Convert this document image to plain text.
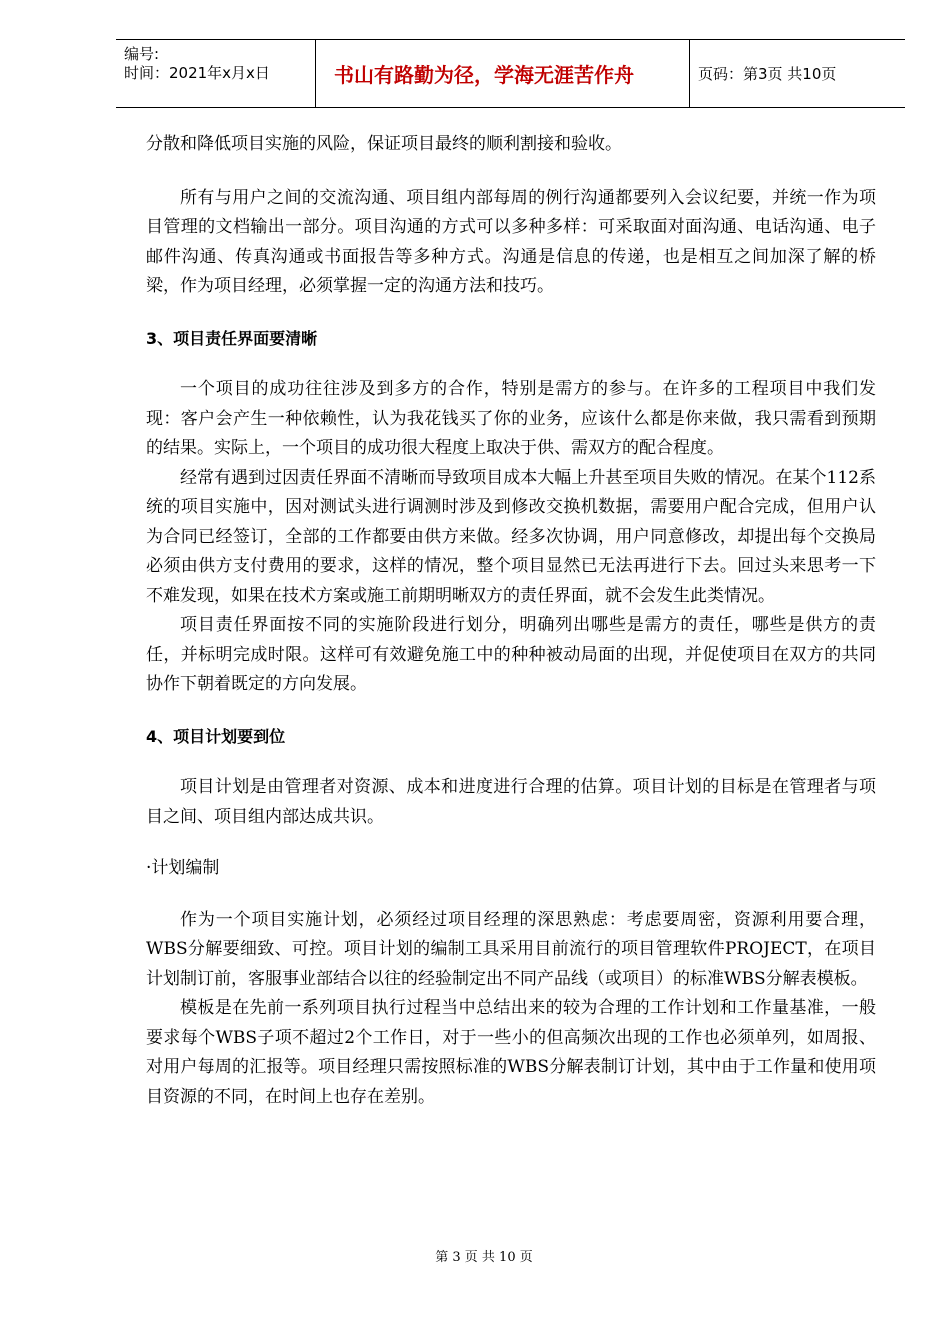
编号:
时间：2021年x月x日	书山有路勤为径，学海无涯苦作舟	页码：第3页 共10页

分散和降低项目实施的风险，保证项目最终的顺利割接和验收。

所有与用户之间的交流沟通、项目组内部每周的例行沟通都要列入会议纪要，并统一作为项目管理的文档输出一部分。项目沟通的方式可以多种多样：可采取面对面沟通、电话沟通、电子邮件沟通、传真沟通或书面报告等多种方式。沟通是信息的传递，也是相互之间加深了解的桥梁，作为项目经理，必须掌握一定的沟通方法和技巧。

3、项目责任界面要清晰

一个项目的成功往往涉及到多方的合作，特别是需方的参与。在许多的工程项目中我们发现：客户会产生一种依赖性，认为我花钱买了你的业务，应该什么都是你来做，我只需看到预期的结果。实际上，一个项目的成功很大程度上取决于供、需双方的配合程度。

经常有遇到过因责任界面不清晰而导致项目成本大幅上升甚至项目失败的情况。在某个112系统的项目实施中，因对测试头进行调测时涉及到修改交换机数据，需要用户配合完成，但用户认为合同已经签订，全部的工作都要由供方来做。经多次协调，用户同意修改，却提出每个交换局必须由供方支付费用的要求，这样的情况，整个项目显然已无法再进行下去。回过头来思考一下不难发现，如果在技术方案或施工前期明晰双方的责任界面，就不会发生此类情况。

项目责任界面按不同的实施阶段进行划分，明确列出哪些是需方的责任，哪些是供方的责任，并标明完成时限。这样可有效避免施工中的种种被动局面的出现，并促使项目在双方的共同协作下朝着既定的方向发展。

4、项目计划要到位

项目计划是由管理者对资源、成本和进度进行合理的估算。项目计划的目标是在管理者与项目之间、项目组内部达成共识。

·计划编制

作为一个项目实施计划，必须经过项目经理的深思熟虑：考虑要周密，资源利用要合理，WBS分解要细致、可控。项目计划的编制工具采用目前流行的项目管理软件PROJECT，在项目计划制订前，客服事业部结合以往的经验制定出不同产品线（或项目）的标准WBS分解表模板。

模板是在先前一系列项目执行过程当中总结出来的较为合理的工作计划和工作量基准，一般要求每个WBS子项不超过2个工作日，对于一些小的但高频次出现的工作也必须单列，如周报、对用户每周的汇报等。项目经理只需按照标准的WBS分解表制订计划，其中由于工作量和使用项目资源的不同，在时间上也存在差别。

第 3 页 共 10 页
